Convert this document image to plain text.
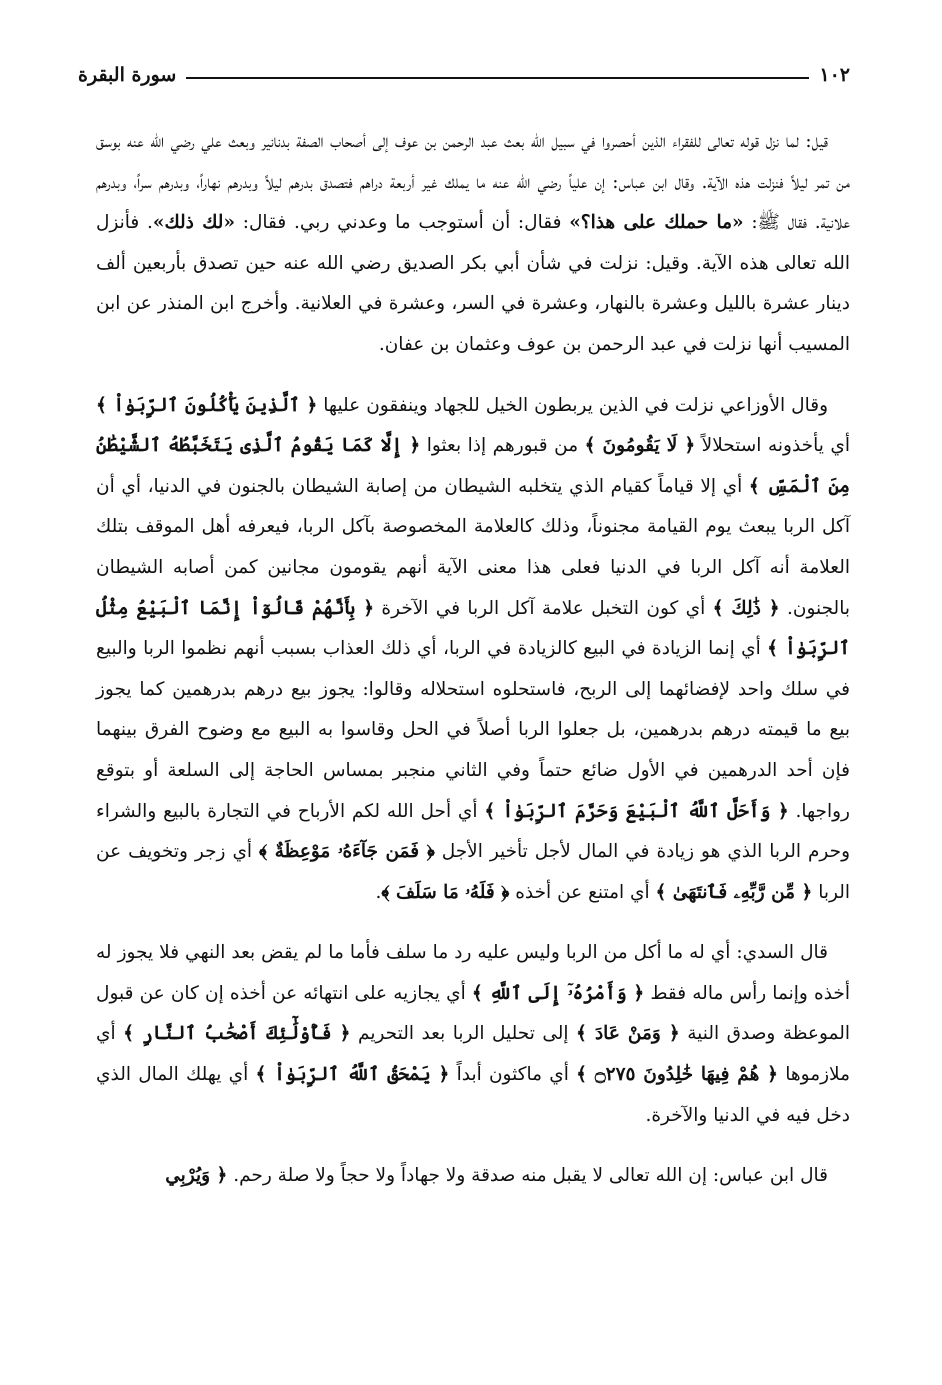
١٠٢
سورة البقرة

قيل: لما نزل قوله تعالى للفقراء الذين أحصروا في سبيل الله بعث عبد الرحمن بن عوف إلى أصحاب الصفة بدنانير وبعث علي رضي الله عنه بوسق من تمر ليلاً فنزلت هذه الآية. وقال ابن عباس: إن علياً رضي الله عنه ما يملك غير أربعة دراهم فتصدق بدرهم ليلاً وبدرهم نهاراً، وبدرهم سراً، وبدرهم علانية. فقال ﷺ: «ما حملك على هذا؟» فقال: أن أستوجب ما وعدني ربي. فقال: «لك ذلك». فأنزل الله تعالى هذه الآية. وقيل: نزلت في شأن أبي بكر الصديق رضي الله عنه حين تصدق بأربعين ألف دينار عشرة بالليل وعشرة بالنهار، وعشرة في السر، وعشرة في العلانية. وأخرج ابن المنذر عن ابن المسيب أنها نزلت في عبد الرحمن بن عوف وعثمان بن عفان.

وقال الأوزاعي نزلت في الذين يربطون الخيل للجهاد وينفقون عليها ﴿ ٱلَّذِينَ يَأْكُلُونَ ٱلرِّبَوٰاْ ﴾ أي يأخذونه استحلالاً ﴿ لَا يَقُومُونَ ﴾ من قبورهم إذا بعثوا ﴿ إِلَّا كَمَا يَقُومُ ٱلَّذِى يَتَخَبَّطُهُ ٱلشَّيْطَٰنُ مِنَ ٱلْمَسِّ ﴾ أي إلا قياماً كقيام الذي يتخلبه الشيطان من إصابة الشيطان بالجنون في الدنيا، أي أن آكل الربا يبعث يوم القيامة مجنوناً، وذلك كالعلامة المخصوصة بآكل الربا، فيعرفه أهل الموقف بتلك العلامة أنه آكل الربا في الدنيا فعلى هذا معنى الآية أنهم يقومون مجانين كمن أصابه الشيطان بالجنون. ﴿ ذَٰلِكَ ﴾ أي كون التخبل علامة آكل الربا في الآخرة ﴿ بِأَنَّهُمْ قَالُوٓاْ إِنَّمَا ٱلْبَيْعُ مِثْلُ ٱلرِّبَوٰاْ ﴾ أي إنما الزيادة في البيع كالزيادة في الربا، أي ذلك العذاب بسبب أنهم نظموا الربا والبيع في سلك واحد لإفضائهما إلى الربح، فاستحلوه استحلاله وقالوا: يجوز بيع درهم بدرهمين كما يجوز بيع ما قيمته درهم بدرهمين، بل جعلوا الربا أصلاً في الحل وقاسوا به البيع مع وضوح الفرق بينهما فإن أحد الدرهمين في الأول ضائع حتماً وفي الثاني منجبر بمساس الحاجة إلى السلعة أو بتوقع رواجها. ﴿ وَأَحَلَّ ٱللَّهُ ٱلْبَيْعَ وَحَرَّمَ ٱلرِّبَوٰاْ ﴾ أي أحل الله لكم الأرباح في التجارة بالبيع والشراء وحرم الربا الذي هو زيادة في المال لأجل تأخير الأجل ﴿ فَمَن جَآءَهُۥ مَوْعِظَةٌ ﴾ أي زجر وتخويف عن الربا ﴿ مِّن رَّبِّهِۦ فَٱنتَهَىٰ ﴾ أي امتنع عن أخذه ﴿ فَلَهُۥ مَا سَلَفَ ﴾.

قال السدي: أي له ما أكل من الربا وليس عليه رد ما سلف فأما ما لم يقض بعد النهي فلا يجوز له أخذه وإنما رأس ماله فقط ﴿ وَأَمْرُهُۥٓ إِلَى ٱللَّهِ ﴾ أي يجازيه على انتهائه عن أخذه إن كان عن قبول الموعظة وصدق النية ﴿ وَمَنْ عَادَ ﴾ إلى تحليل الربا بعد التحريم ﴿ فَأُوْلَٰٓئِكَ أَصْحَٰبُ ٱلنَّارِ ﴾ أي ملازموها ﴿ هُمْ فِيهَا خَٰلِدُونَ ۝٢٧٥ ﴾ أي ماكثون أبداً ﴿ يَمْحَقُ ٱللَّهُ ٱلرِّبَوٰاْ ﴾ أي يهلك المال الذي دخل فيه في الدنيا والآخرة.

قال ابن عباس: إن الله تعالى لا يقبل منه صدقة ولا جهاداً ولا حجاً ولا صلة رحم. ﴿ وَيُرْبِي
